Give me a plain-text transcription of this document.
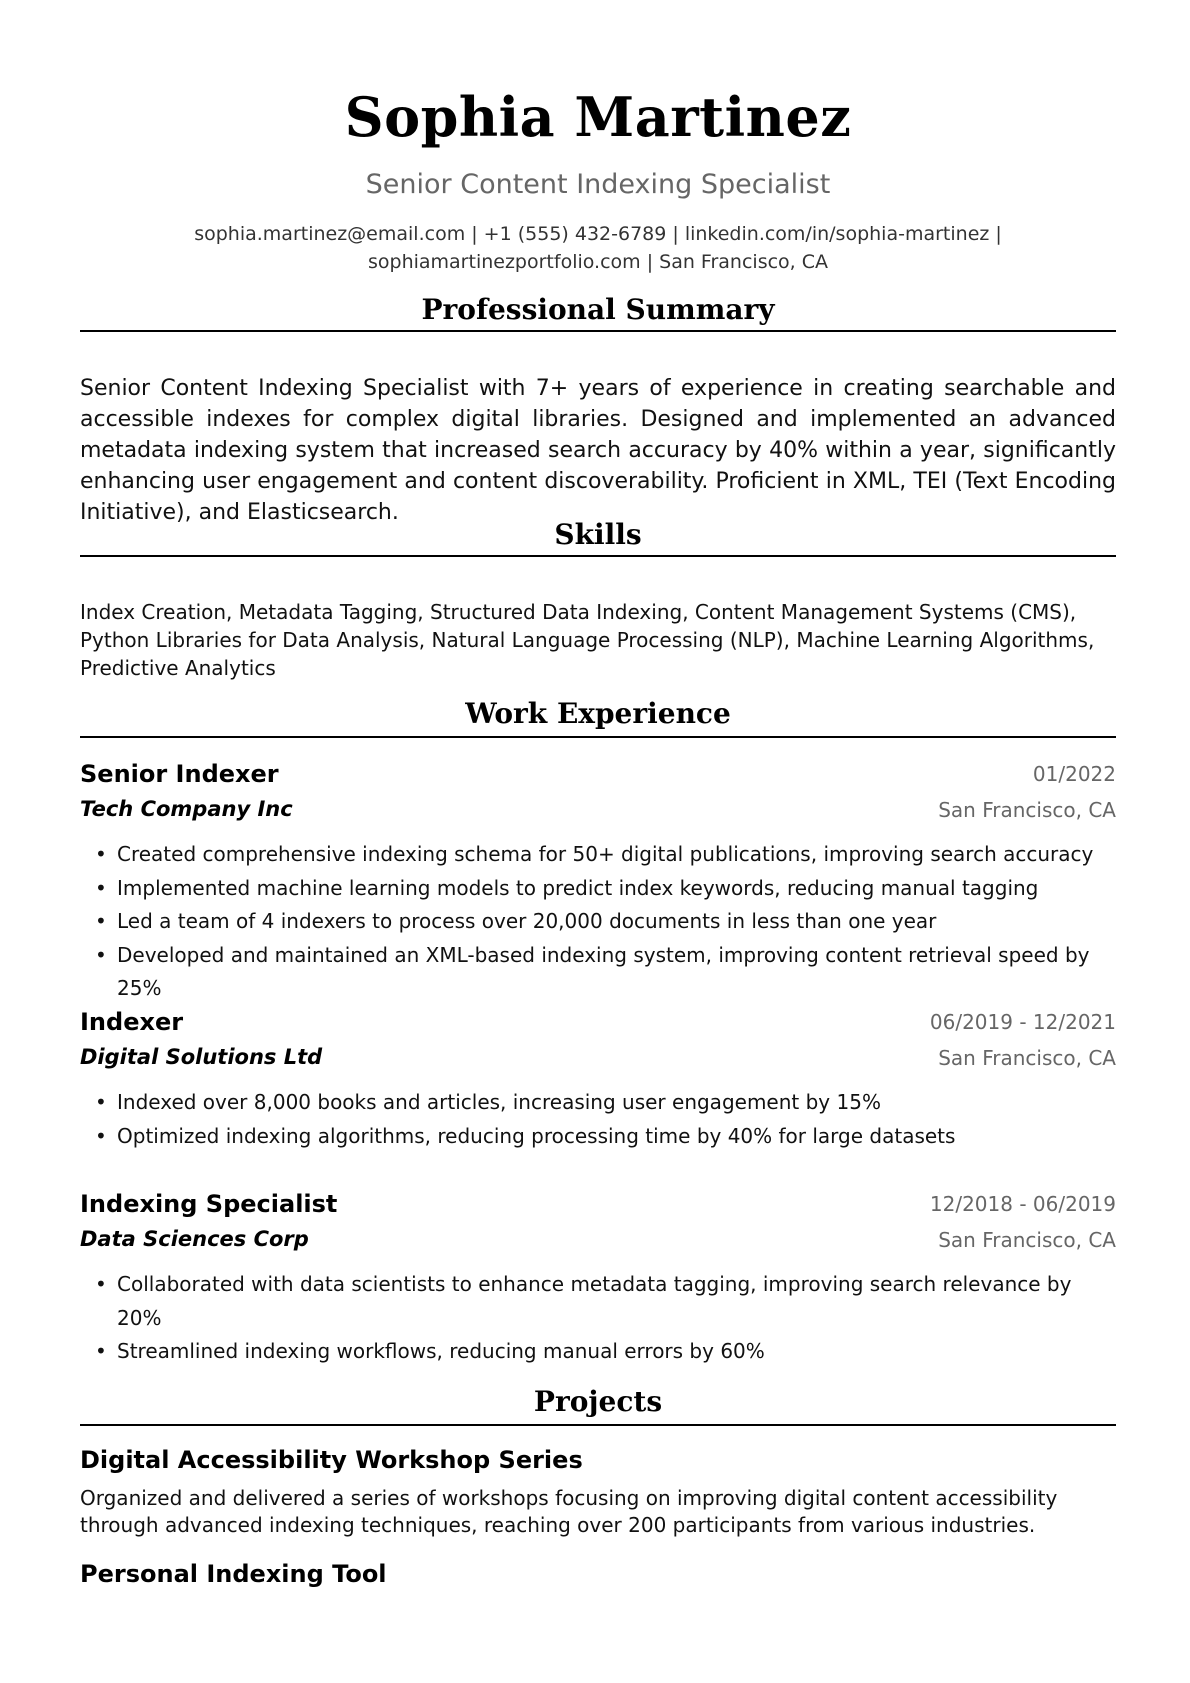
Sophia Martinez
Senior Content Indexing Specialist
sophia.martinez@email.com | +1 (555) 432-6789 | linkedin.com/in/sophia-martinez |
sophiamartinezportfolio.com | San Francisco, CA
Professional Summary
Senior Content Indexing Specialist with 7+ years of experience in creating searchable and accessible indexes for complex digital libraries. Designed and implemented an advanced metadata indexing system that increased search accuracy by 40% within a year, significantly enhancing user engagement and content discoverability. Proficient in XML, TEI (Text Encoding Initiative), and Elasticsearch.
Skills
Index Creation, Metadata Tagging, Structured Data Indexing, Content Management Systems (CMS), Python Libraries for Data Analysis, Natural Language Processing (NLP), Machine Learning Algorithms, Predictive Analytics
Work Experience
Senior Indexer	01/2022
Tech Company Inc	San Francisco, CA
• Created comprehensive indexing schema for 50+ digital publications, improving search accuracy
• Implemented machine learning models to predict index keywords, reducing manual tagging
• Led a team of 4 indexers to process over 20,000 documents in less than one year
• Developed and maintained an XML-based indexing system, improving content retrieval speed by 25%
Indexer	06/2019 - 12/2021
Digital Solutions Ltd	San Francisco, CA
• Indexed over 8,000 books and articles, increasing user engagement by 15%
• Optimized indexing algorithms, reducing processing time by 40% for large datasets
Indexing Specialist	12/2018 - 06/2019
Data Sciences Corp	San Francisco, CA
• Collaborated with data scientists to enhance metadata tagging, improving search relevance by 20%
• Streamlined indexing workflows, reducing manual errors by 60%
Projects
Digital Accessibility Workshop Series
Organized and delivered a series of workshops focusing on improving digital content accessibility through advanced indexing techniques, reaching over 200 participants from various industries.
Personal Indexing Tool
